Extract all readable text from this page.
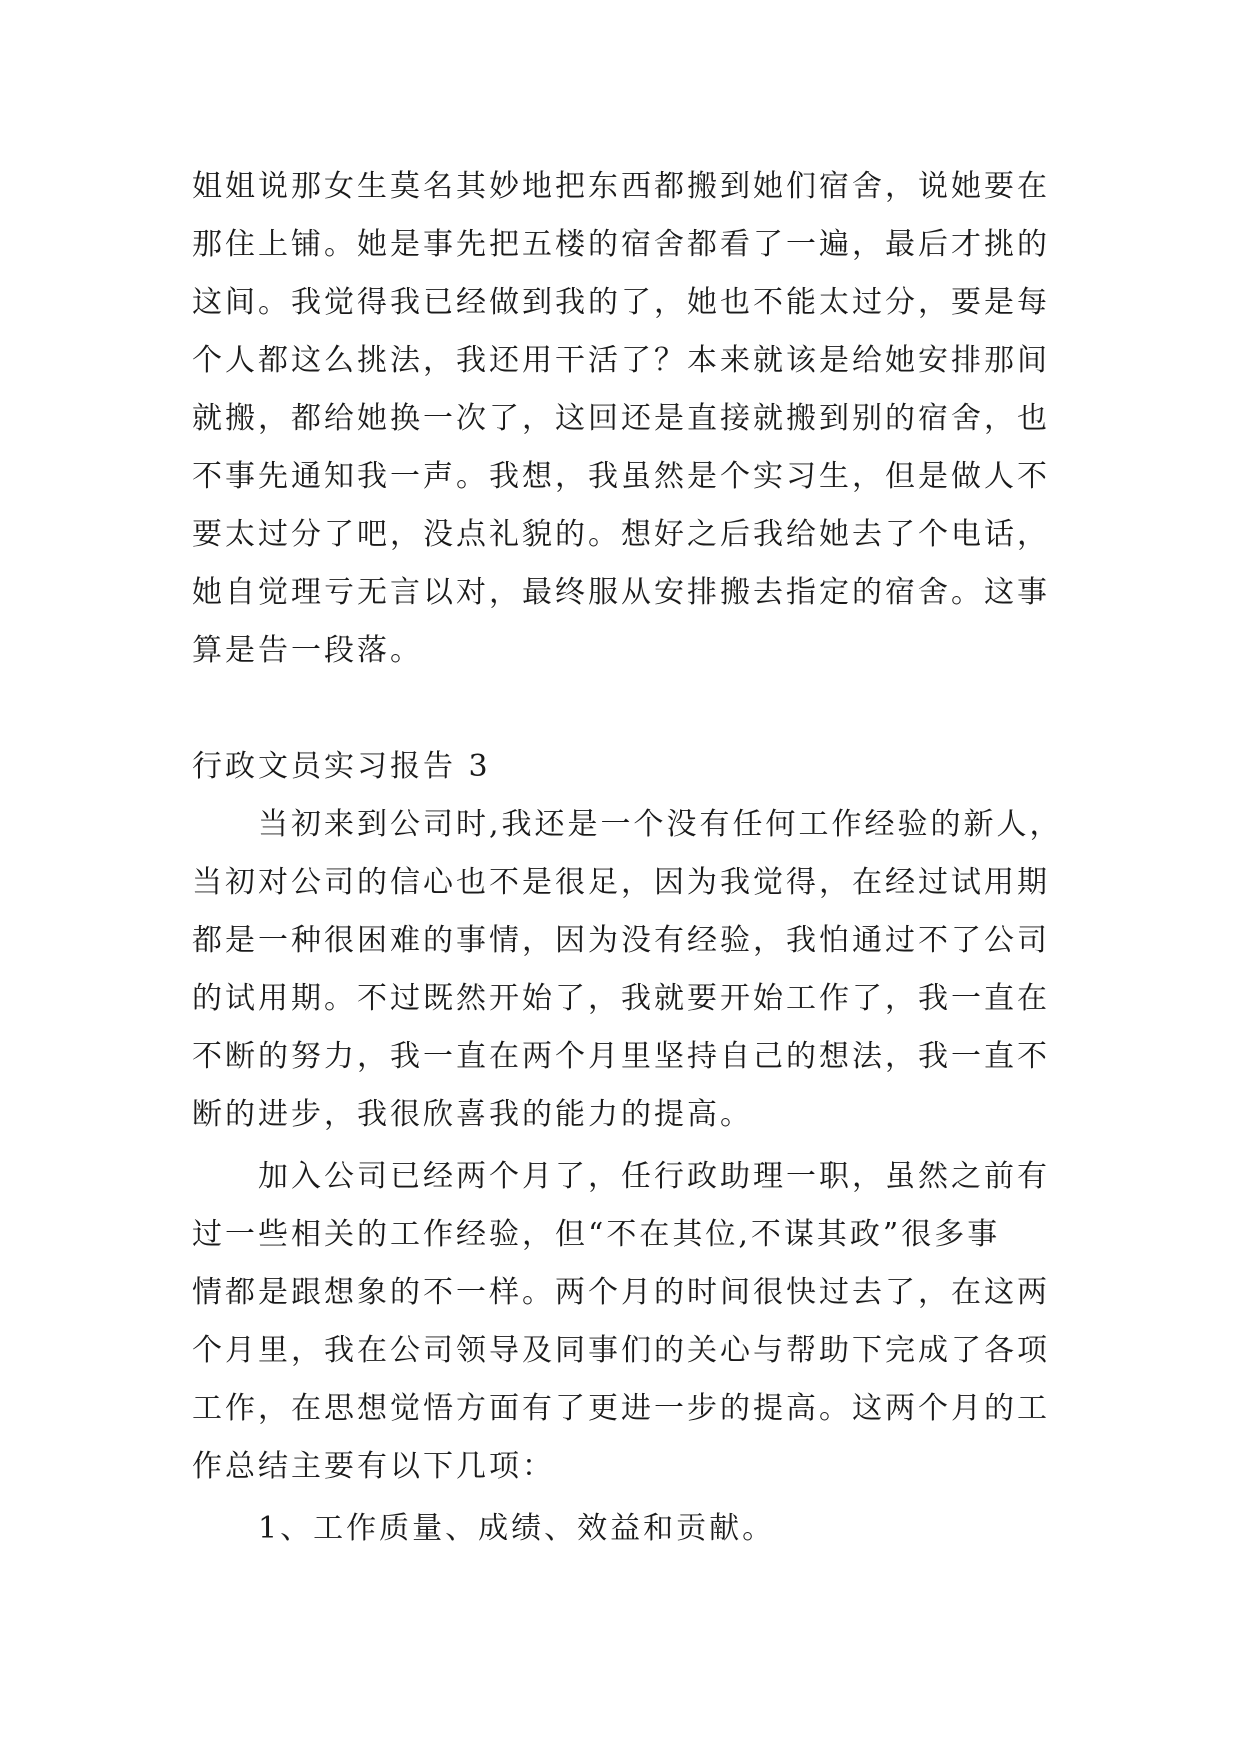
姐姐说那女生莫名其妙地把东西都搬到她们宿舍，说她要在
那住上铺。她是事先把五楼的宿舍都看了一遍，最后才挑的
这间。我觉得我已经做到我的了，她也不能太过分，要是每
个人都这么挑法，我还用干活了？本来就该是给她安排那间
就搬，都给她换一次了，这回还是直接就搬到别的宿舍，也
不事先通知我一声。我想，我虽然是个实习生，但是做人不
要太过分了吧，没点礼貌的。想好之后我给她去了个电话，
她自觉理亏无言以对，最终服从安排搬去指定的宿舍。这事
算是告一段落。
行政文员实习报告 3
当初来到公司时,我还是一个没有任何工作经验的新人，
当初对公司的信心也不是很足，因为我觉得，在经过试用期
都是一种很困难的事情，因为没有经验，我怕通过不了公司
的试用期。不过既然开始了，我就要开始工作了，我一直在
不断的努力，我一直在两个月里坚持自己的想法，我一直不
断的进步，我很欣喜我的能力的提高。
加入公司已经两个月了，任行政助理一职，虽然之前有
过一些相关的工作经验，但“不在其位,不谋其政”很多事
情都是跟想象的不一样。两个月的时间很快过去了，在这两
个月里，我在公司领导及同事们的关心与帮助下完成了各项
工作，在思想觉悟方面有了更进一步的提高。这两个月的工
作总结主要有以下几项：
1、工作质量、成绩、效益和贡献。
